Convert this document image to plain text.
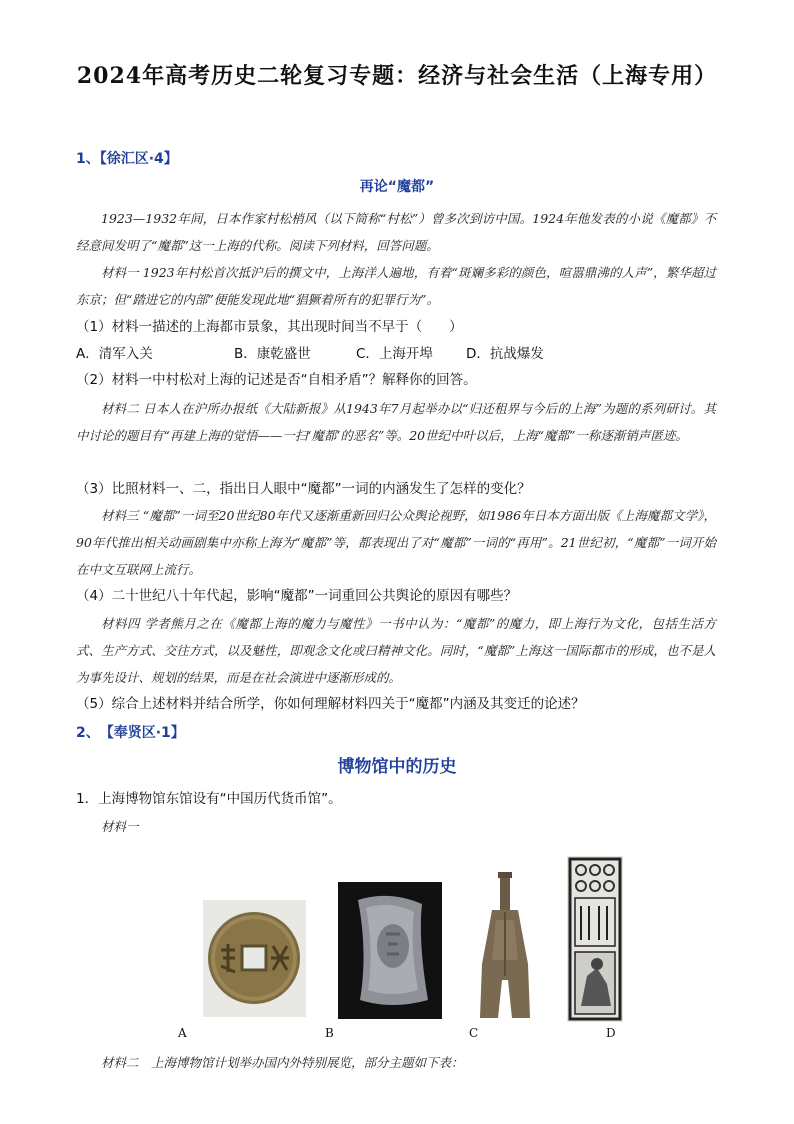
2024年高考历史二轮复习专题：经济与社会生活（上海专用）
1、【徐汇区·4】
再论“魔都”
1923—1932年间，日本作家村松梢风（以下简称“村松”）曾多次到访中国。1924年他发表的小说《魔都》不经意间发明了“魔都”这一上海的代称。阅读下列材料，回答问题。
材料一 1923年村松首次抵沪后的撰文中，上海洋人遍地，有着“斑斓多彩的颜色，喧嚣鼎沸的人声”，繁华超过东京；但“踏进它的内部”便能发现此地“猖獗着所有的犯罪行为”。
（1）材料一描述的上海都市景象，其出现时间当不早于（　　）
A．清军入关	B．康乾盛世	C．上海开埠 D．抗战爆发
（2）材料一中村松对上海的记述是否“自相矛盾”？解释你的回答。
材料二 日本人在沪所办报纸《大陆新报》从1943年7月起举办以“归还租界与今后的上海”为题的系列研讨。其中讨论的题目有“再建上海的觉悟——一扫‘魔都’的恶名”等。20世纪中叶以后，上海“魔都”一称逐渐销声匿迹。
（3）比照材料一、二，指出日人眼中“魔都”一词的内涵发生了怎样的变化？
材料三 “魔都”一词至20世纪80年代又逐渐重新回归公众舆论视野，如1986年日本方面出版《上海魔都文学》，90年代推出相关动画剧集中亦称上海为“魔都”等，都表现出了对“魔都”一词的“再用”。21世纪初，“魔都”一词开始在中文互联网上流行。
（4）二十世纪八十年代起，影响“魔都”一词重回公共舆论的原因有哪些？
材料四 学者熊月之在《魔都上海的魔力与魔性》一书中认为：“魔都”的魔力，即上海行为文化，包括生活方式、生产方式、交往方式，以及魅性，即观念文化或曰精神文化。同时，“魔都”上海这一国际都市的形成，也不是人为事先设计、规划的结果，而是在社会演进中逐渐形成的。
（5）综合上述材料并结合所学，你如何理解材料四关于“魔都”内涵及其变迁的论述？
2、　【奉贤区·1】
博物馆中的历史
1．上海博物馆东馆设有“中国历代货币馆”。
材料一
A	B	C	D
材料二　上海博物馆计划举办国内外特别展览，部分主题如下表：
